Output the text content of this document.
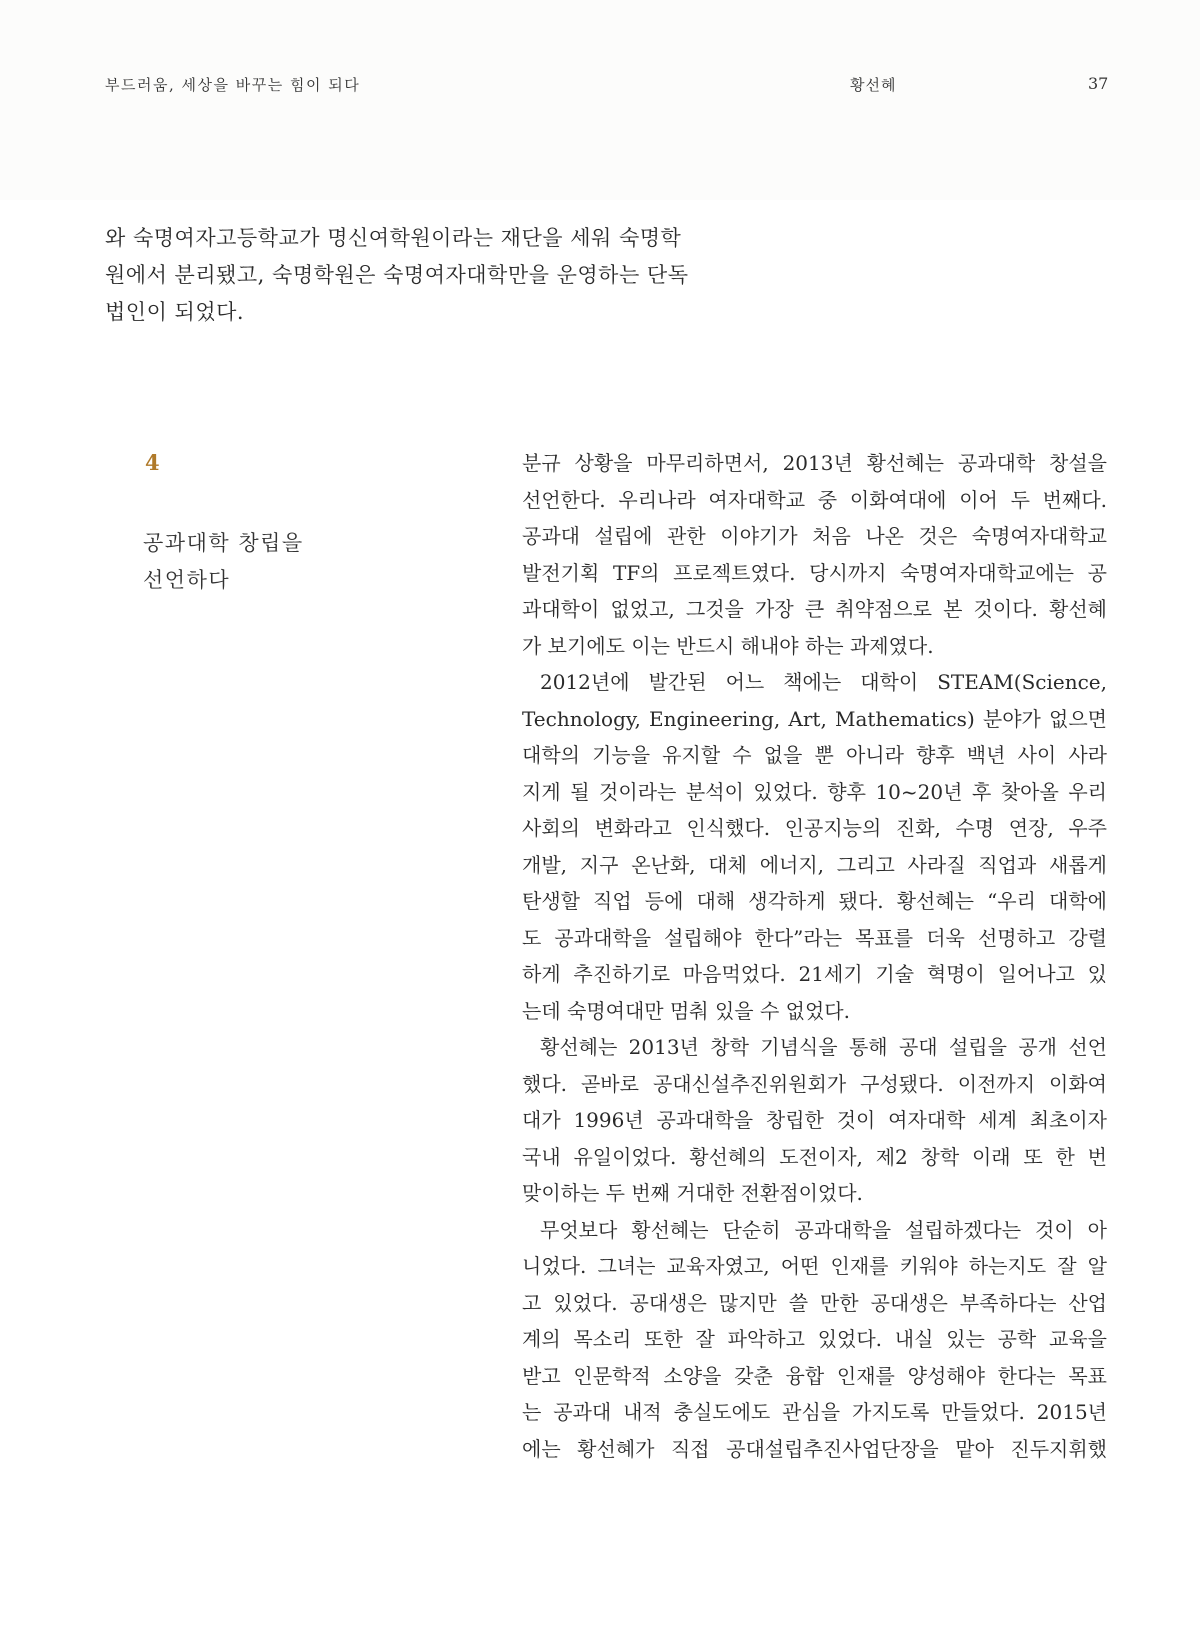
부드러움, 세상을 바꾸는 힘이 되다	황선혜	37

와 숙명여자고등학교가 명신여학원이라는 재단을 세워 숙명학

원에서 분리됐고, 숙명학원은 숙명여자대학만을 운영하는 단독

법인이 되었다.

4
공과대학 창립을
선언하다
분규 상황을 마무리하면서, 2013년 황선혜는 공과대학 창설을
선언한다. 우리나라 여자대학교 중 이화여대에 이어 두 번째다.
공과대 설립에 관한 이야기가 처음 나온 것은 숙명여자대학교
발전기획 TF의 프로젝트였다. 당시까지 숙명여자대학교에는 공
과대학이 없었고, 그것을 가장 큰 취약점으로 본 것이다. 황선혜
가 보기에도 이는 반드시 해내야 하는 과제였다.
2012년에 발간된 어느 책에는 대학이 STEAM(Science,
Technology, Engineering, Art, Mathematics) 분야가 없으면
대학의 기능을 유지할 수 없을 뿐 아니라 향후 백년 사이 사라
지게 될 것이라는 분석이 있었다. 향후 10~20년 후 찾아올 우리
사회의 변화라고 인식했다. 인공지능의 진화, 수명 연장, 우주
개발, 지구 온난화, 대체 에너지, 그리고 사라질 직업과 새롭게
탄생할 직업 등에 대해 생각하게 됐다. 황선혜는 “우리 대학에
도 공과대학을 설립해야 한다”라는 목표를 더욱 선명하고 강렬
하게 추진하기로 마음먹었다. 21세기 기술 혁명이 일어나고 있
는데 숙명여대만 멈춰 있을 수 없었다.
황선혜는 2013년 창학 기념식을 통해 공대 설립을 공개 선언
했다. 곧바로 공대신설추진위원회가 구성됐다. 이전까지 이화여
대가 1996년 공과대학을 창립한 것이 여자대학 세계 최초이자
국내 유일이었다. 황선혜의 도전이자, 제2 창학 이래 또 한 번
맞이하는 두 번째 거대한 전환점이었다.
무엇보다 황선혜는 단순히 공과대학을 설립하겠다는 것이 아
니었다. 그녀는 교육자였고, 어떤 인재를 키워야 하는지도 잘 알
고 있었다. 공대생은 많지만 쓸 만한 공대생은 부족하다는 산업
계의 목소리 또한 잘 파악하고 있었다. 내실 있는 공학 교육을
받고 인문학적 소양을 갖춘 융합 인재를 양성해야 한다는 목표
는 공과대 내적 충실도에도 관심을 가지도록 만들었다. 2015년
에는 황선혜가 직접 공대설립추진사업단장을 맡아 진두지휘했
